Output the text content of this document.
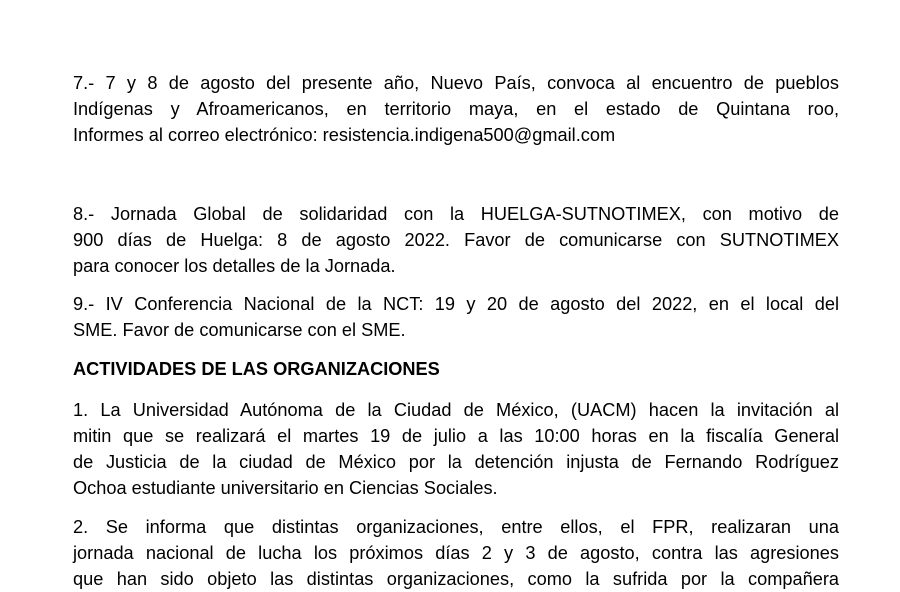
7.- 7 y 8 de agosto del presente año, Nuevo País, convoca al encuentro de pueblos
Indígenas y Afroamericanos, en territorio maya, en el estado de Quintana roo,
Informes al correo electrónico: resistencia.indigena500@gmail.com
8.- Jornada Global de solidaridad con la HUELGA-SUTNOTIMEX, con motivo de
900 días de Huelga: 8 de agosto 2022. Favor de comunicarse con SUTNOTIMEX
para conocer los detalles de la Jornada.
9.- IV Conferencia Nacional de la NCT: 19 y 20 de agosto del 2022, en el local del
SME. Favor de comunicarse con el SME.
ACTIVIDADES DE LAS ORGANIZACIONES
1. La Universidad Autónoma de la Ciudad de México, (UACM) hacen la invitación al
mitin que se realizará el martes 19 de julio a las 10:00 horas en la fiscalía General
de Justicia de la ciudad de México por la detención injusta de Fernando Rodríguez
Ochoa estudiante universitario en Ciencias Sociales.
2. Se informa que distintas organizaciones, entre ellos, el FPR, realizaran una
jornada nacional de lucha los próximos días 2 y 3 de agosto, contra las agresiones
que han sido objeto las distintas organizaciones, como la sufrida por la compañera
